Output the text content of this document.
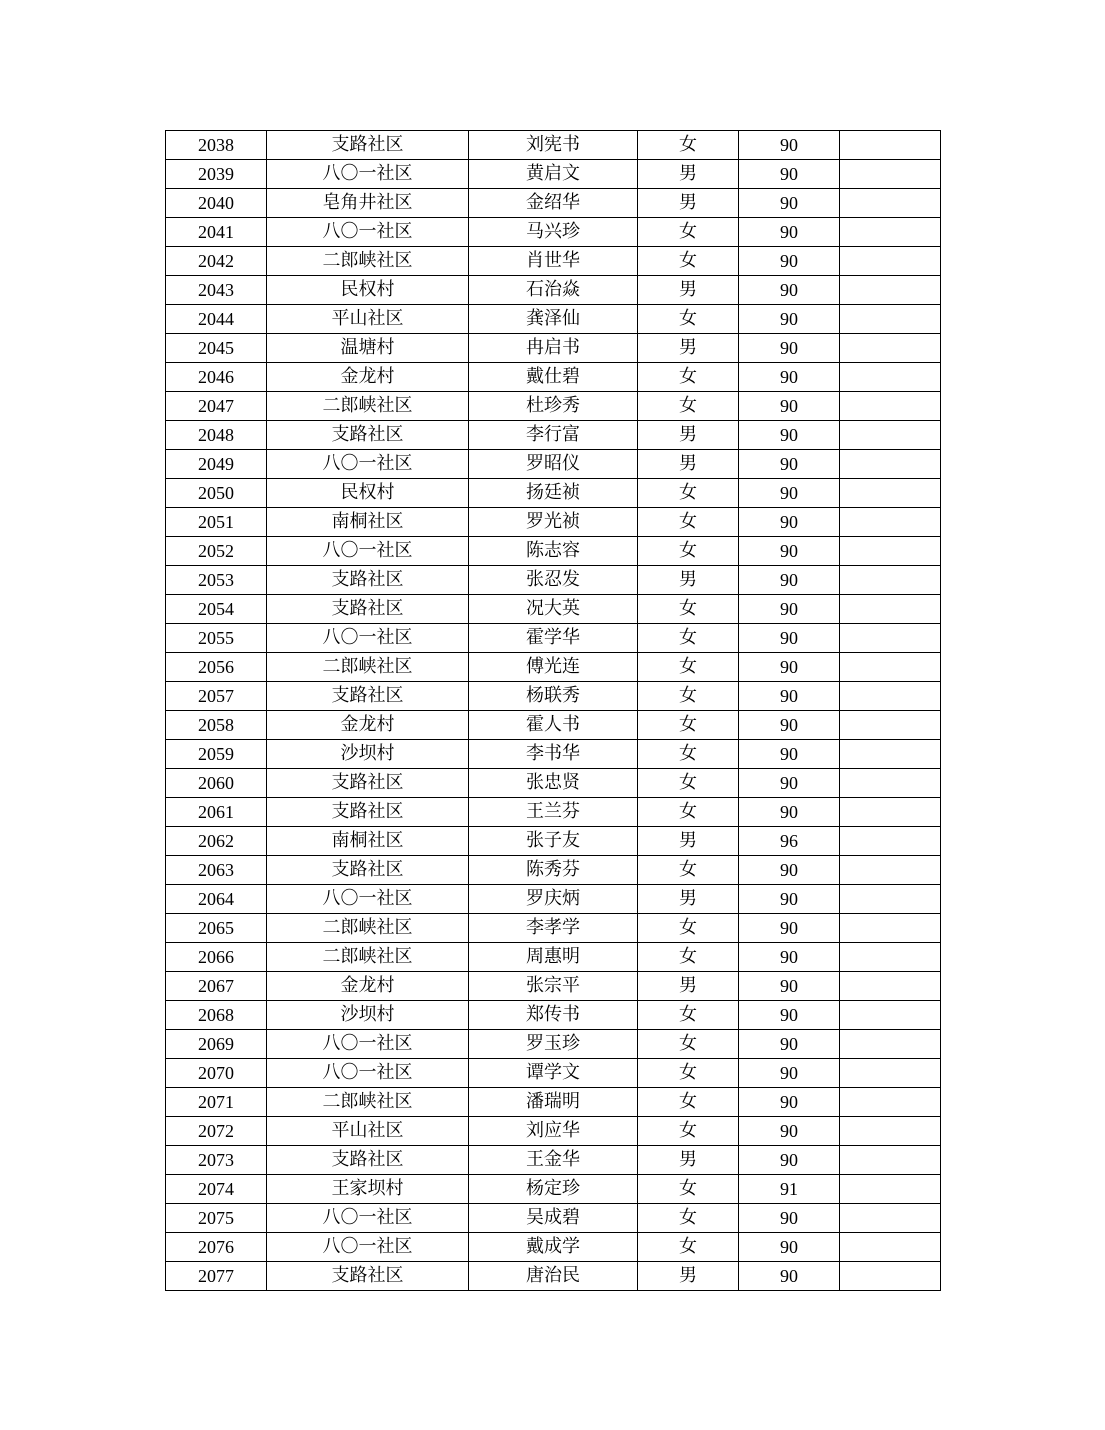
2038	支路社区	刘宪书	女	90	
2039	八〇一社区	黄启文	男	90	
2040	皂角井社区	金绍华	男	90	
2041	八〇一社区	马兴珍	女	90	
2042	二郎峡社区	肖世华	女	90	
2043	民权村	石治焱	男	90	
2044	平山社区	龚泽仙	女	90	
2045	温塘村	冉启书	男	90	
2046	金龙村	戴仕碧	女	90	
2047	二郎峡社区	杜珍秀	女	90	
2048	支路社区	李行富	男	90	
2049	八〇一社区	罗昭仪	男	90	
2050	民权村	扬廷祯	女	90	
2051	南桐社区	罗光祯	女	90	
2052	八〇一社区	陈志容	女	90	
2053	支路社区	张忍发	男	90	
2054	支路社区	况大英	女	90	
2055	八〇一社区	霍学华	女	90	
2056	二郎峡社区	傅光连	女	90	
2057	支路社区	杨联秀	女	90	
2058	金龙村	霍人书	女	90	
2059	沙坝村	李书华	女	90	
2060	支路社区	张忠贤	女	90	
2061	支路社区	王兰芬	女	90	
2062	南桐社区	张子友	男	96	
2063	支路社区	陈秀芬	女	90	
2064	八〇一社区	罗庆炳	男	90	
2065	二郎峡社区	李孝学	女	90	
2066	二郎峡社区	周惠明	女	90	
2067	金龙村	张宗平	男	90	
2068	沙坝村	郑传书	女	90	
2069	八〇一社区	罗玉珍	女	90	
2070	八〇一社区	谭学文	女	90	
2071	二郎峡社区	潘瑞明	女	90	
2072	平山社区	刘应华	女	90	
2073	支路社区	王金华	男	90	
2074	王家坝村	杨定珍	女	91	
2075	八〇一社区	吴成碧	女	90	
2076	八〇一社区	戴成学	女	90	
2077	支路社区	唐治民	男	90	
